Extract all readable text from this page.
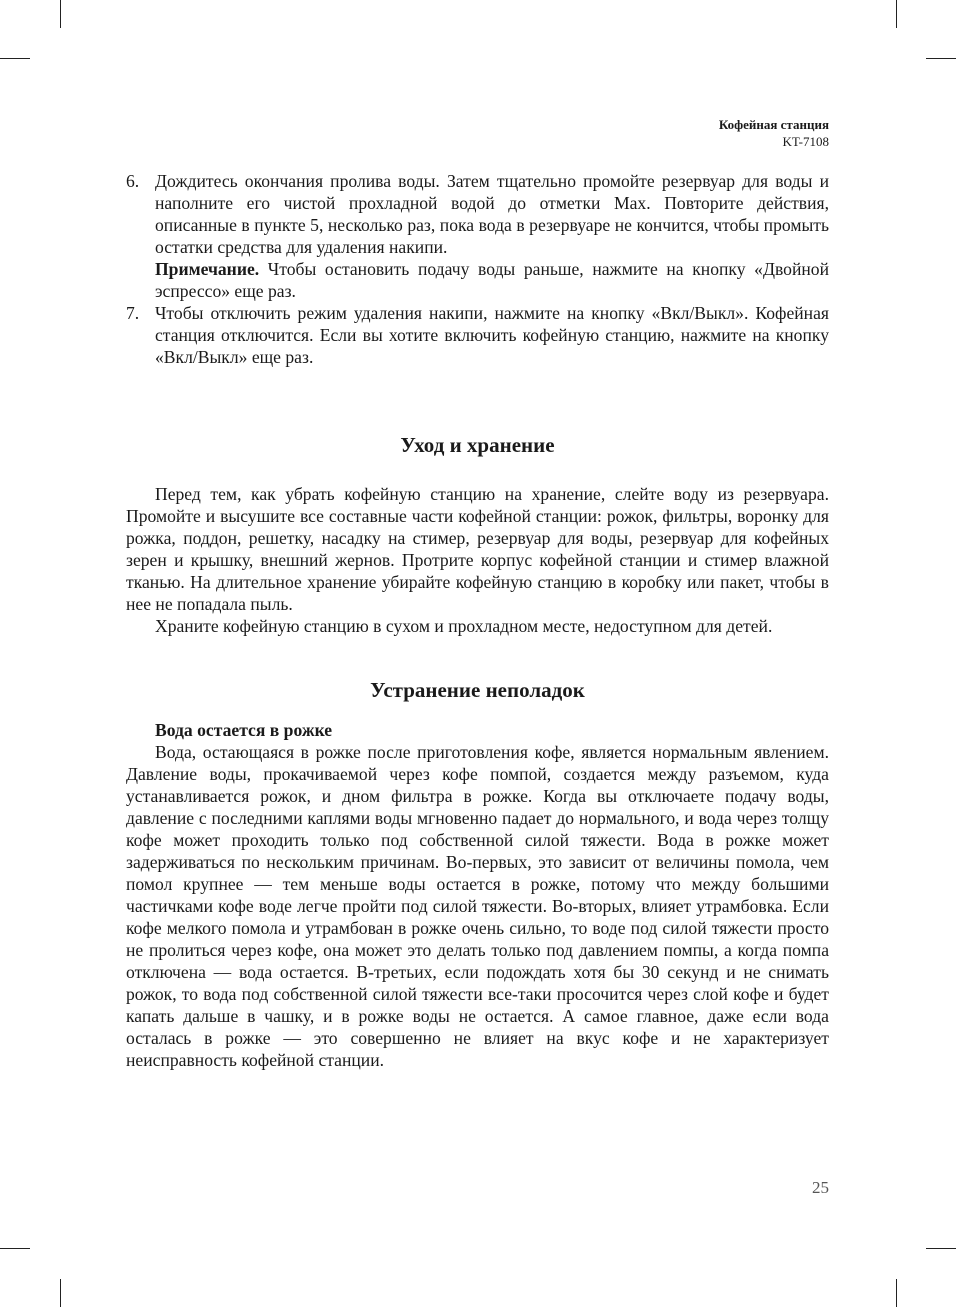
Кофейная станция
KT-7108
6. Дождитесь окончания пролива воды. Затем тщательно промойте резервуар для воды и наполните его чистой прохладной водой до отметки Max. Повторите действия, описанные в пункте 5, несколько раз, пока вода в резервуаре не кончится, чтобы промыть остатки средства для удаления накипи.

Примечание. Чтобы остановить подачу воды раньше, нажмите на кнопку «Двойной эспрессо» еще раз.

7. Чтобы отключить режим удаления накипи, нажмите на кнопку «Вкл/Выкл». Кофейная станция отключится. Если вы хотите включить кофейную станцию, нажмите на кнопку «Вкл/Выкл» еще раз.
Уход и хранение

Перед тем, как убрать кофейную станцию на хранение, слейте воду из резервуара. Промойте и высушите все составные части кофейной станции: рожок, фильтры, воронку для рожка, поддон, решетку, насадку на стимер, резервуар для воды, резервуар для кофейных зерен и крышку, внешний жернов. Протрите корпус кофейной станции и стимер влажной тканью. На длительное хранение убирайте кофейную станцию в коробку или пакет, чтобы в нее не попадала пыль.

Храните кофейную станцию в сухом и прохладном месте, недоступном для детей.

Устранение неполадок

Вода остается в рожке

Вода, остающаяся в рожке после приготовления кофе, является нормальным явлением. Давление воды, прокачиваемой через кофе помпой, создается между разъемом, куда устанавливается рожок, и дном фильтра в рожке. Когда вы отключаете подачу воды, давление с последними каплями воды мгновенно падает до нормального, и вода через толщу кофе может проходить только под собственной силой тяжести. Вода в рожке может задерживаться по нескольким причинам. Во-первых, это зависит от величины помола, чем помол крупнее — тем меньше воды остается в рожке, потому что между большими частичками кофе воде легче пройти под силой тяжести. Во-вторых, влияет утрамбовка. Если кофе мелкого помола и утрамбован в рожке очень сильно, то воде под силой тяжести просто не пролиться через кофе, она может это делать только под давлением помпы, а когда помпа отключена — вода остается. В-третьих, если подождать хотя бы 30 секунд и не снимать рожок, то вода под собственной силой тяжести все-таки просочится через слой кофе и будет капать дальше в чашку, и в рожке воды не остается. А самое главное, даже если вода осталась в рожке — это совершенно не влияет на вкус кофе и не характеризует неисправность кофейной станции.

25
